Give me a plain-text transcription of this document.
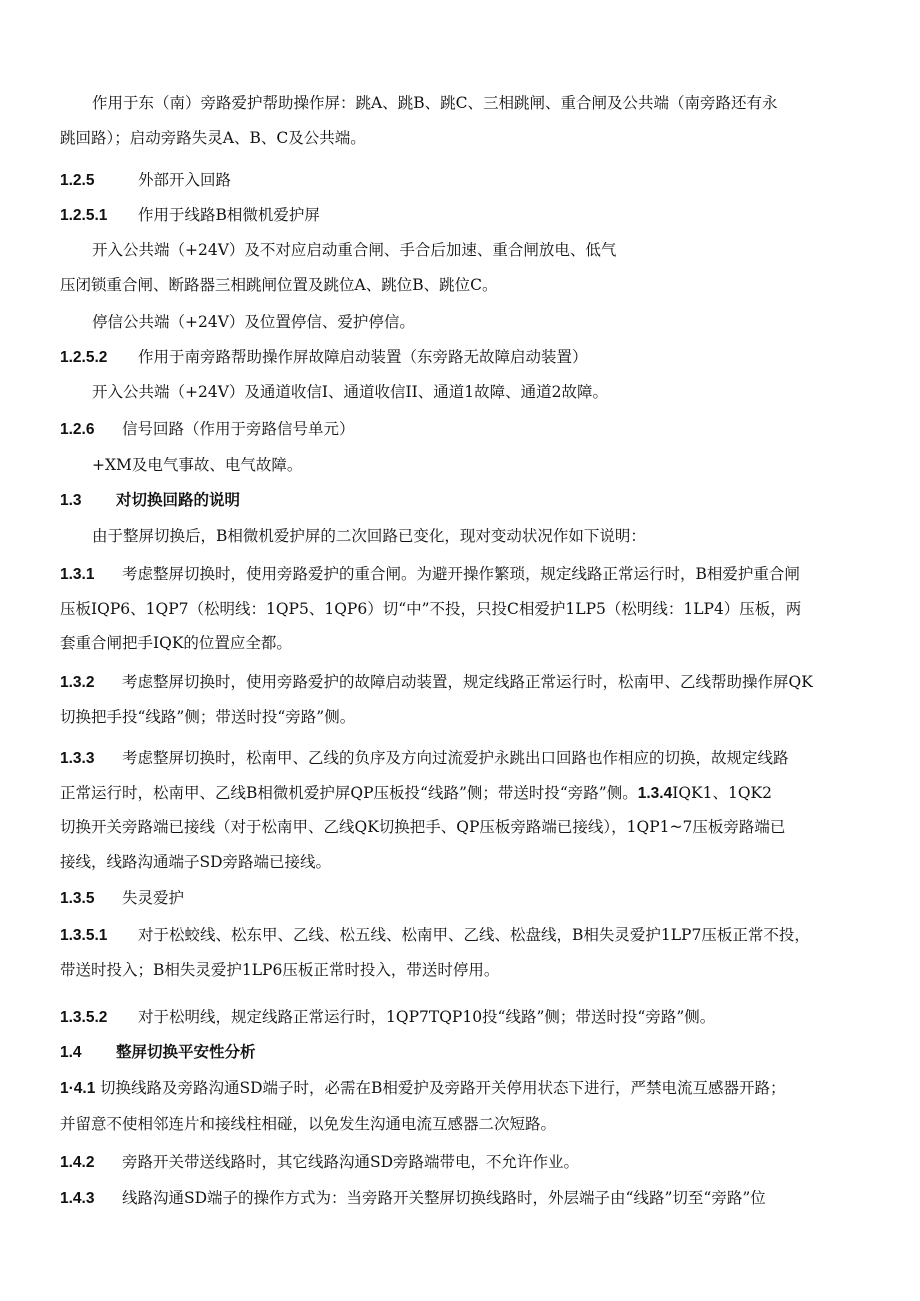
作用于东（南）旁路爱护帮助操作屏：跳A、跳B、跳C、三相跳闸、重合闸及公共端（南旁路还有永
跳回路）；启动旁路失灵A、B、C及公共端。
1.2.5	外部开入回路
1.2.5.1 作用于线路B相微机爱护屏
开入公共端（+24V）及不对应启动重合闸、手合后加速、重合闸放电、低气
压闭锁重合闸、断路器三相跳闸位置及跳位A、跳位B、跳位C。
停信公共端（+24V）及位置停信、爱护停信。
1.2.5.2 作用于南旁路帮助操作屏故障启动装置（东旁路无故障启动装置）
开入公共端（+24V）及通道收信I、通道收信II、通道1故障、通道2故障。
1.2.6 信号回路（作用于旁路信号单元）
+XM及电气事故、电气故障。
1.3 对切换回路的说明
由于整屏切换后，B相微机爱护屏的二次回路已变化，现对变动状况作如下说明：
1.3.1 考虑整屏切换时，使用旁路爱护的重合闸。为避开操作繁琐，规定线路正常运行时，B相爱护重合闸
压板IQP6、1QP7（松明线：1QP5、1QP6）切“中”不投，只投C相爱护1LP5（松明线：1LP4）压板，两
套重合闸把手IQK的位置应全都。
1.3.2 考虑整屏切换时，使用旁路爱护的故障启动装置，规定线路正常运行时，松南甲、乙线帮助操作屏QK
切换把手投“线路”侧；带送时投“旁路”侧。
1.3.3 考虑整屏切换时，松南甲、乙线的负序及方向过流爱护永跳出口回路也作相应的切换，故规定线路
正常运行时，松南甲、乙线B相微机爱护屏QP压板投“线路”侧；带送时投“旁路”侧。1.3.4IQK1、1QK2
切换开关旁路端已接线（对于松南甲、乙线QK切换把手、QP压板旁路端已接线），1QP1~7压板旁路端已
接线，线路沟通端子SD旁路端已接线。
1.3.5 失灵爱护
1.3.5.1 对于松蛟线、松东甲、乙线、松五线、松南甲、乙线、松盘线，B相失灵爱护1LP7压板正常不投，
带送时投入；B相失灵爱护1LP6压板正常时投入，带送时停用。
1.3.5.2 对于松明线，规定线路正常运行时，1QP7TQP10投“线路”侧；带送时投“旁路”侧。
1.4 整屏切换平安性分析
1·4.1 切换线路及旁路沟通SD端子时，必需在B相爱护及旁路开关停用状态下进行，严禁电流互感器开路；
并留意不使相邻连片和接线柱相碰，以免发生沟通电流互感器二次短路。
1.4.2 旁路开关带送线路时，其它线路沟通SD旁路端带电，不允许作业。
1.4.3 线路沟通SD端子的操作方式为：当旁路开关整屏切换线路时，外层端子由“线路”切至“旁路”位
